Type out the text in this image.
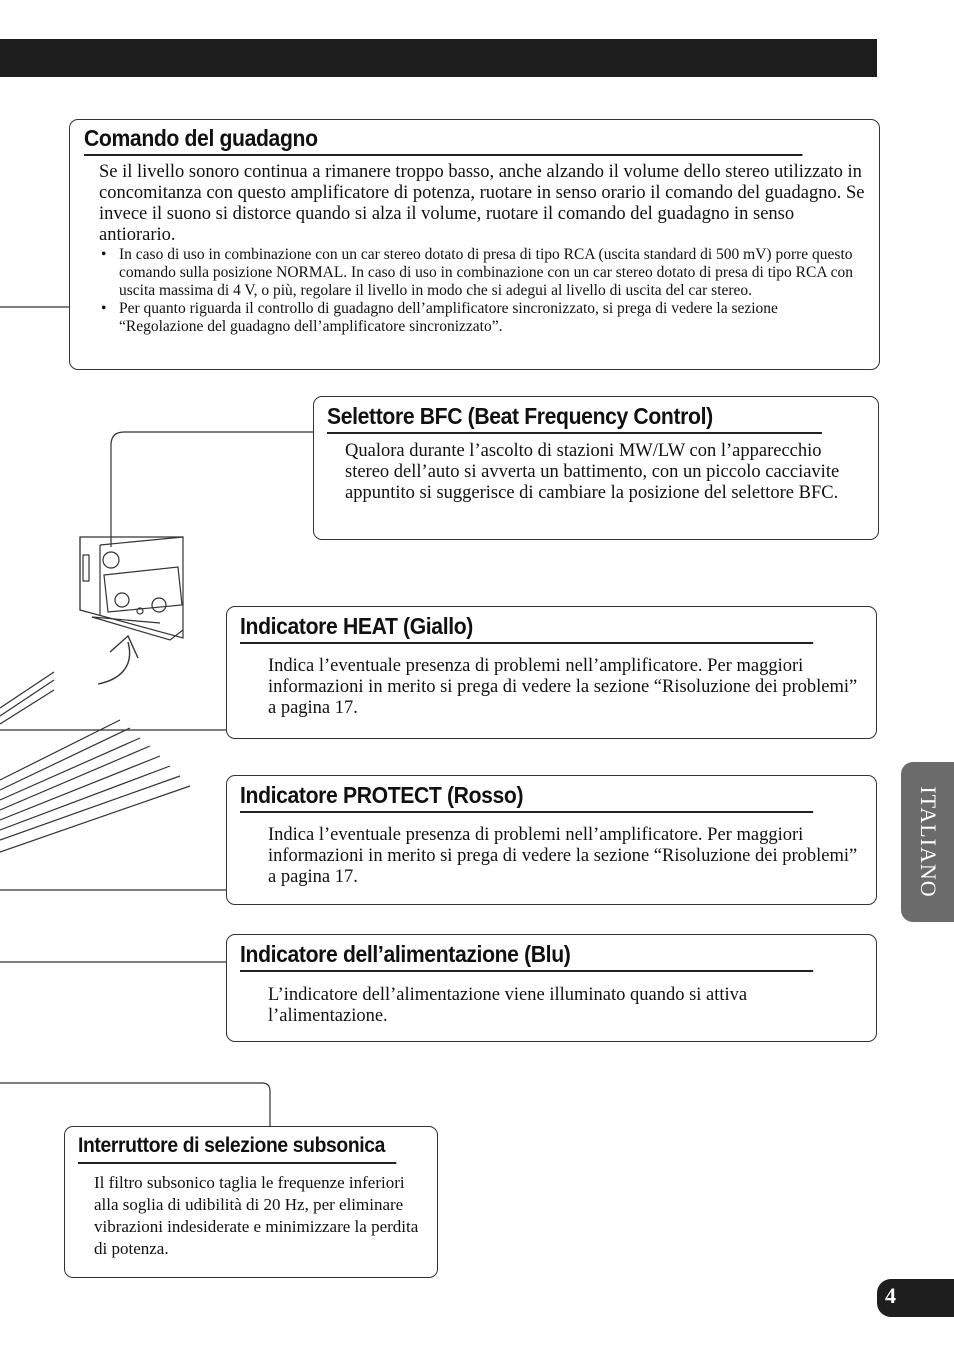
Comando del guadagno

Se il livello sonoro continua a rimanere troppo basso, anche alzando il volume dello stereo utilizzato in concomitanza con questo amplificatore di potenza, ruotare in senso orario il comando del guadagno. Se invece il suono si distorce quando si alza il volume, ruotare il comando del guadagno in senso antiorario.

• In caso di uso in combinazione con un car stereo dotato di presa di tipo RCA (uscita standard di 500 mV) porre questo comando sulla posizione NORMAL. In caso di uso in combinazione con un car stereo dotato di presa di tipo RCA con uscita massima di 4 V, o più, regolare il livello in modo che si adegui al livello di uscita del car stereo.
• Per quanto riguarda il controllo di guadagno dell’amplificatore sincronizzato, si prega di vedere la sezione “Regolazione del guadagno dell’amplificatore sincronizzato”.
Selettore BFC (Beat Frequency Control)

Qualora durante l’ascolto di stazioni MW/LW con l’apparecchio stereo dell’auto si avverta un battimento, con un piccolo cacciavite appuntito si suggerisce di cambiare la posizione del selettore BFC.

Indicatore HEAT (Giallo)

Indica l’eventuale presenza di problemi nell’amplificatore. Per maggiori informazioni in merito si prega di vedere la sezione “Risoluzione dei problemi” a pagina 17.

Indicatore PROTECT (Rosso)

Indica l’eventuale presenza di problemi nell’amplificatore. Per maggiori informazioni in merito si prega di vedere la sezione “Risoluzione dei problemi” a pagina 17.

Indicatore dell’alimentazione (Blu)

L’indicatore dell’alimentazione viene illuminato quando si attiva l’alimentazione.

Interruttore di selezione subsonica

Il filtro subsonico taglia le frequenze inferiori alla soglia di udibilità di 20 Hz, per eliminare vibrazioni indesiderate e minimizzare la perdita di potenza.

ITALIANO
4
